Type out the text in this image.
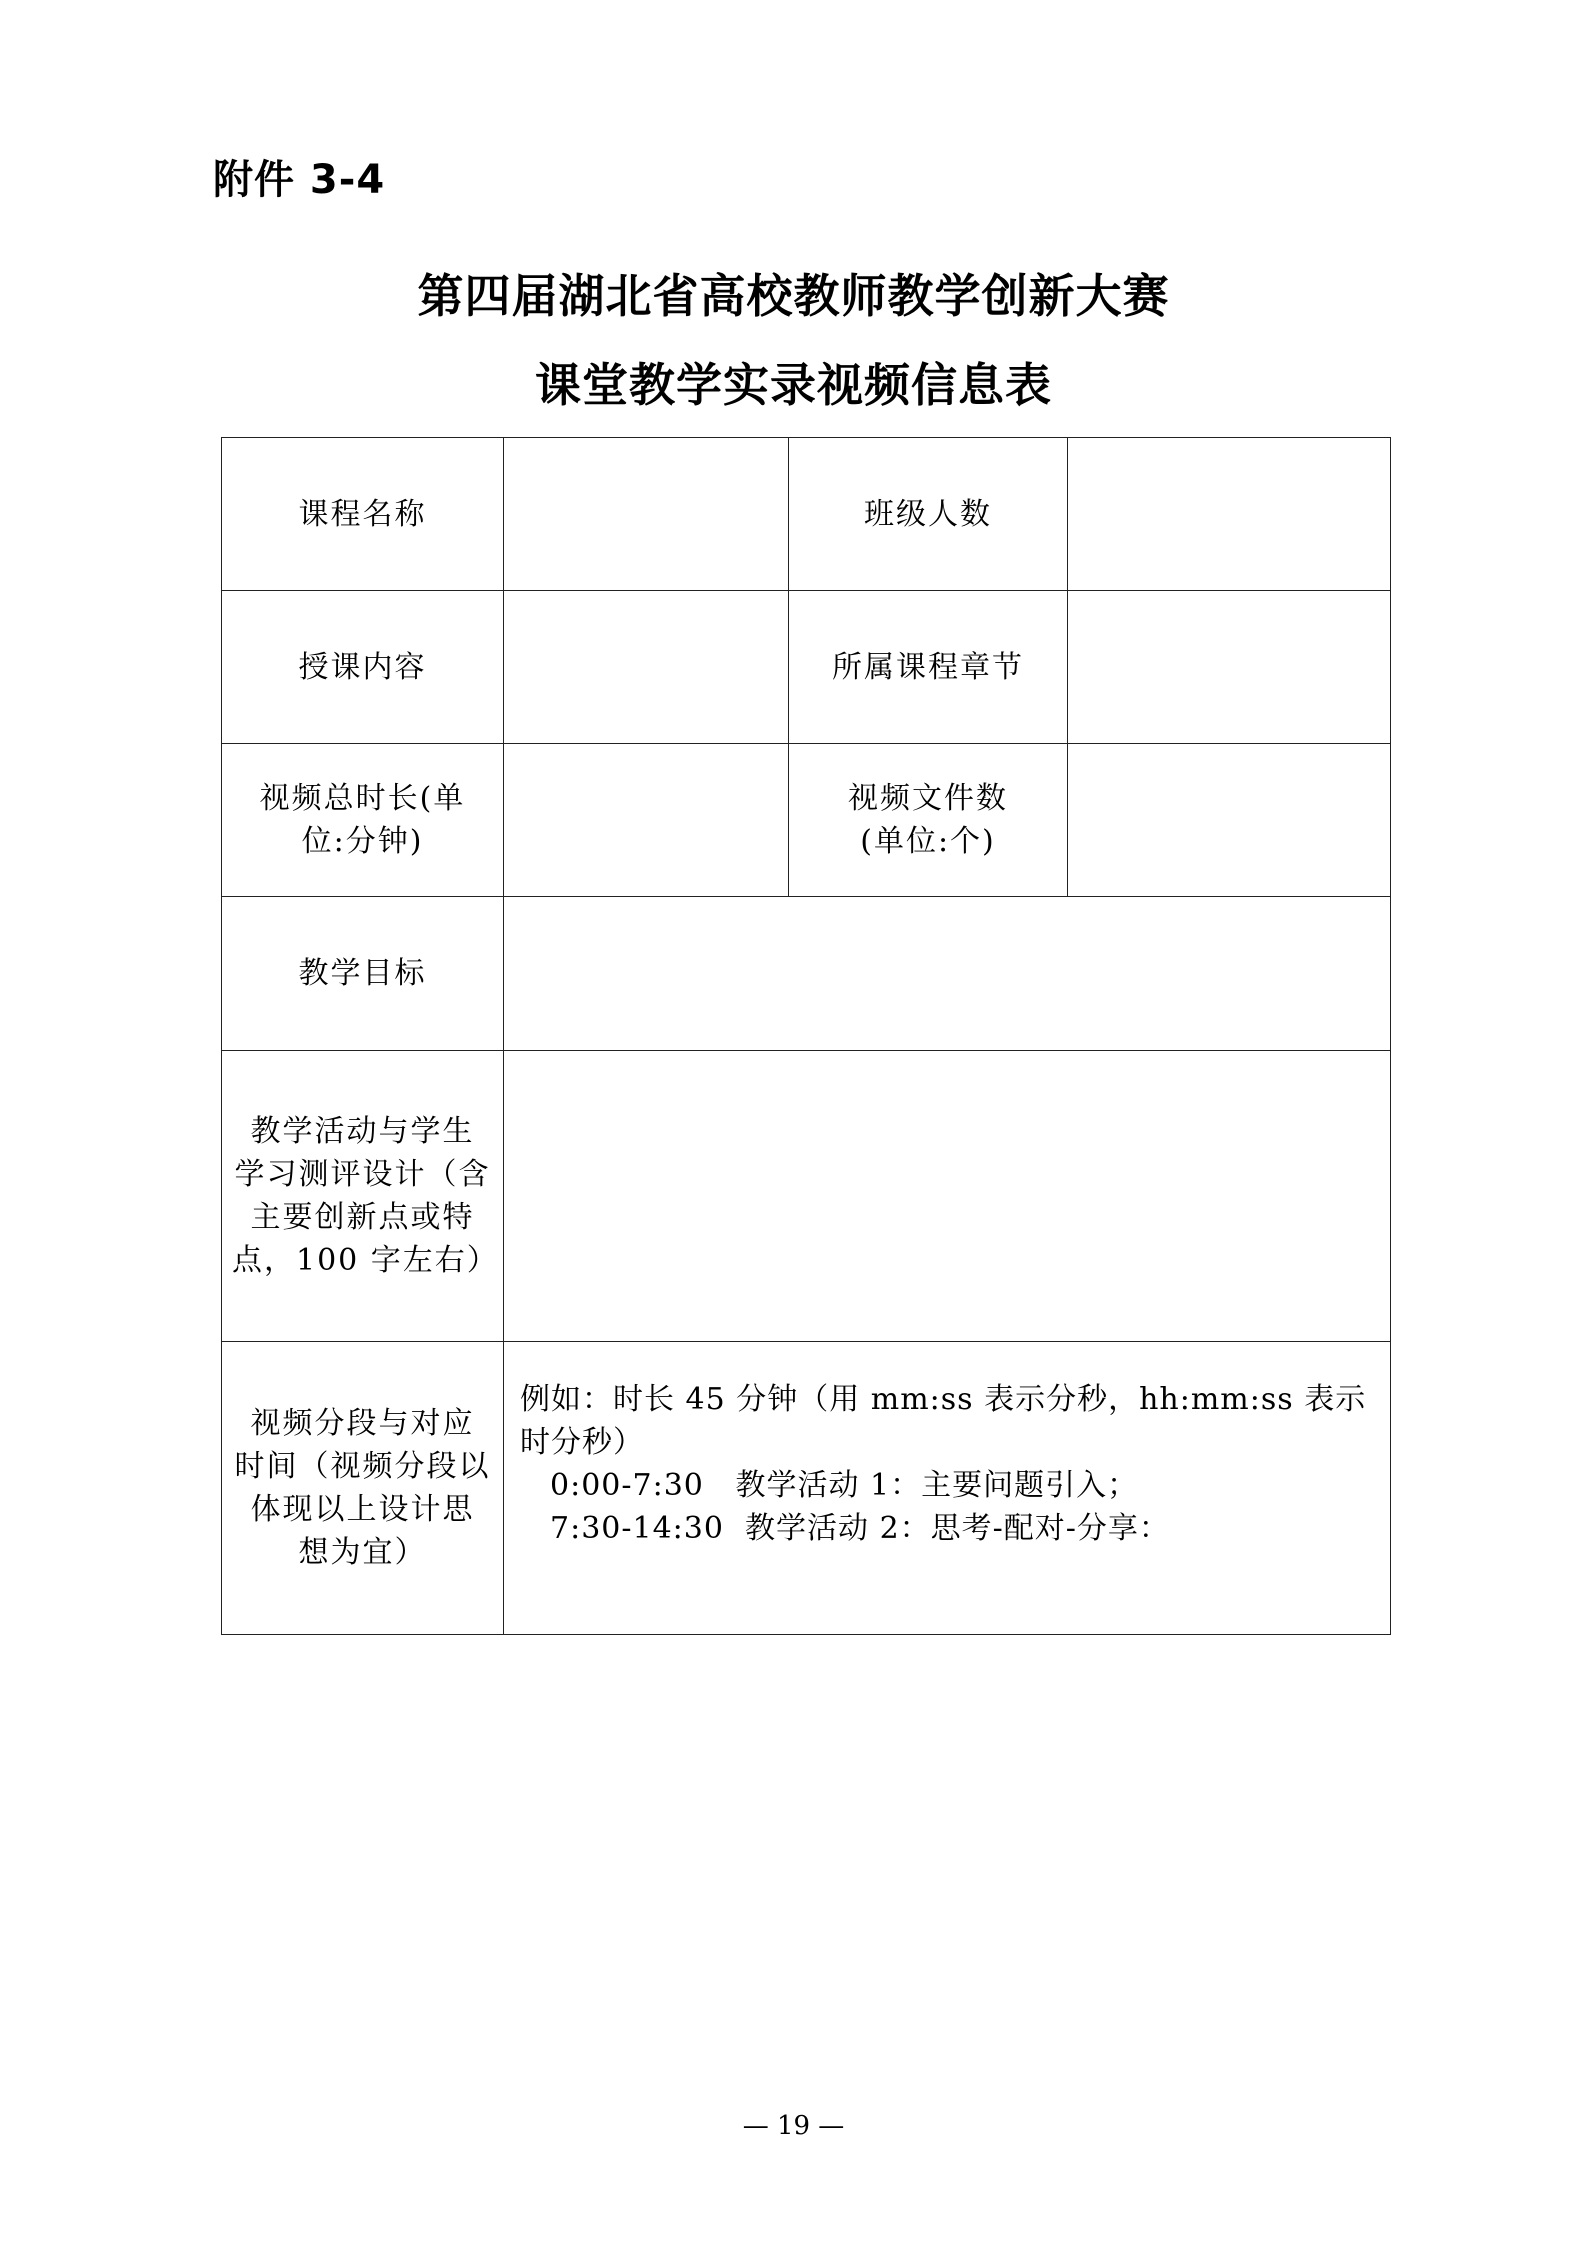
附件 3-4
第四届湖北省高校教师教学创新大赛
课堂教学实录视频信息表
课程名称		班级人数	
授课内容		所属课程章节	
视频总时长(单
位:分钟)		视频文件数
(单位:个)	
教学目标			
教学活动与学生
学习测评设计（含
主要创新点或特
点，100 字左右）			
视频分段与对应
时间（视频分段以
体现以上设计思
想为宜）	例如：时长 45 分钟（用 mm:ss 表示分秒，hh:mm:ss 表示时分秒）
0:00-7:30   教学活动 1：主要问题引入；
7:30-14:30  教学活动 2：思考-配对-分享：		
— 19 —
